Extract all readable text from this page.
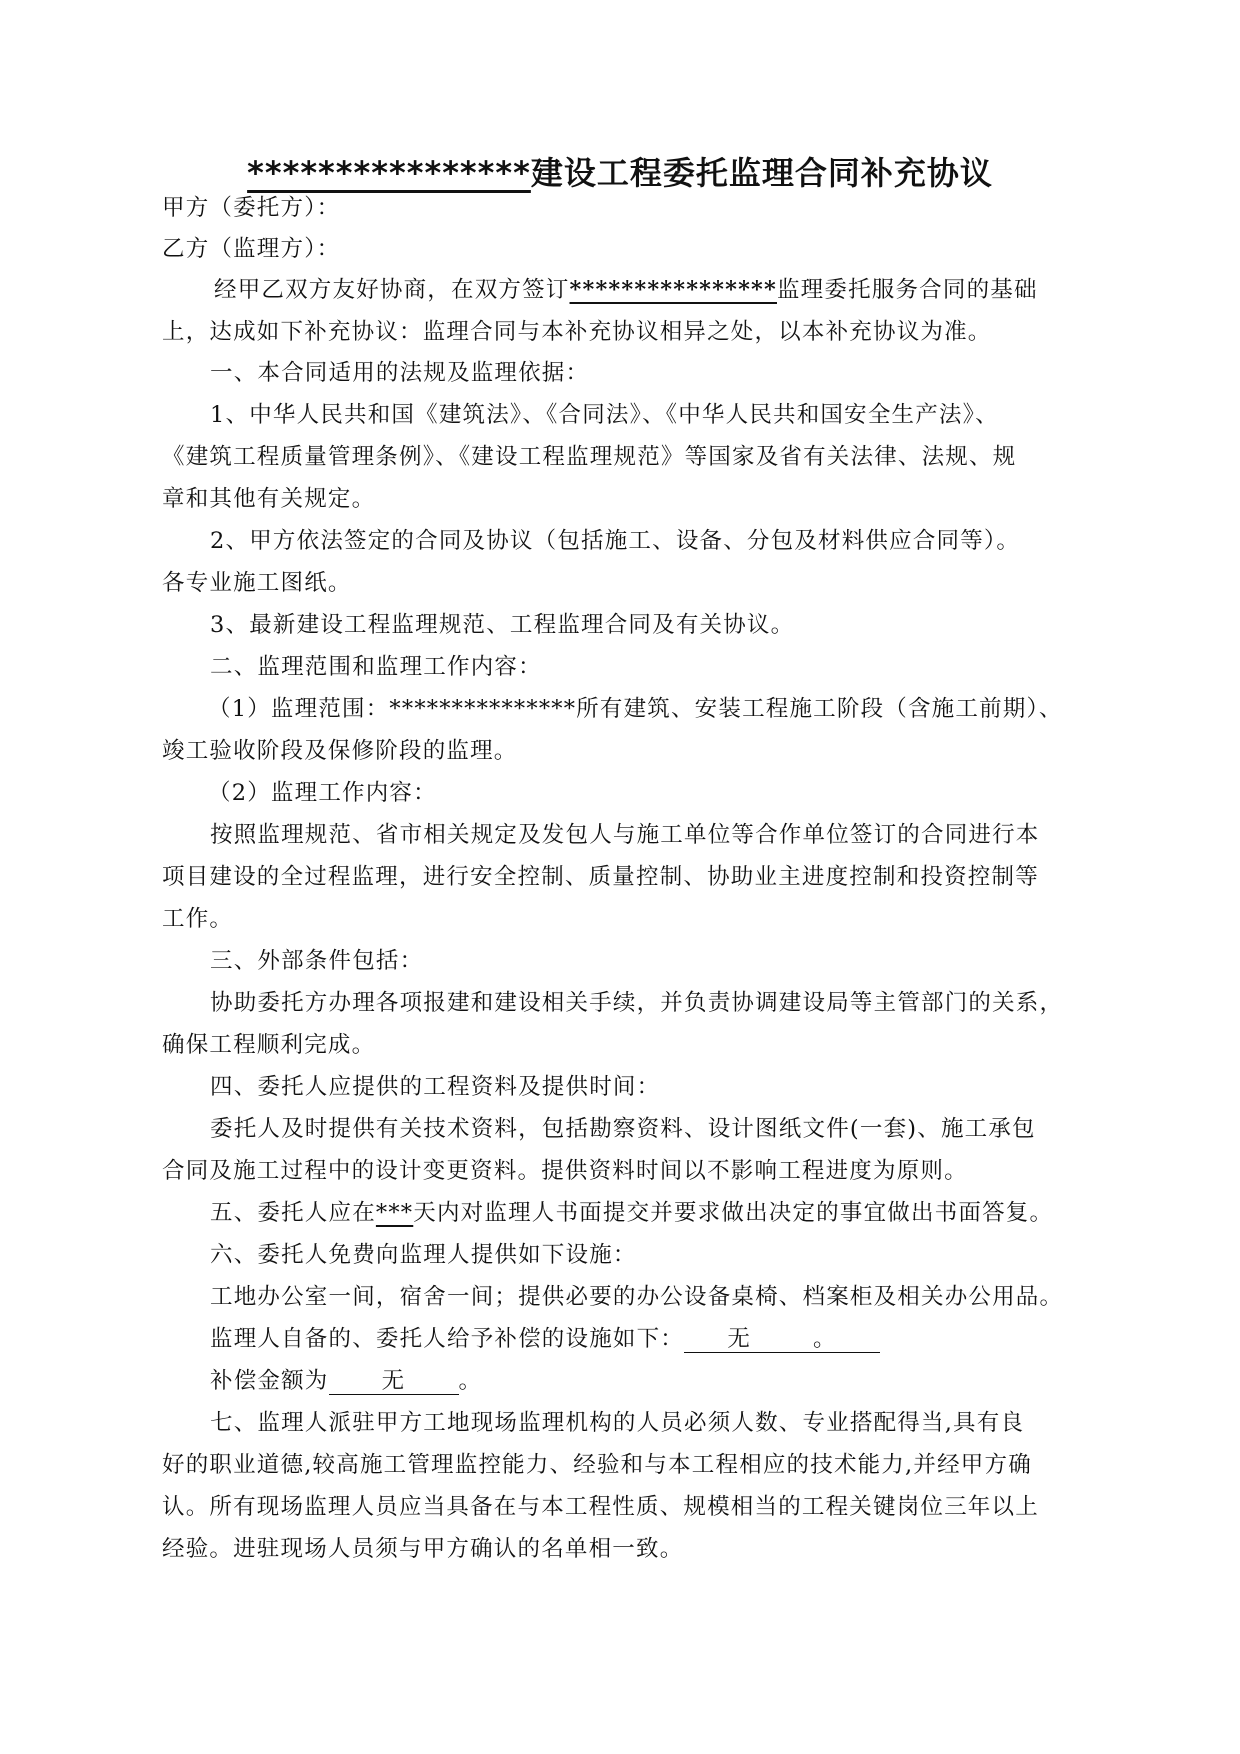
****************建设工程委托监理合同补充协议
甲方（委托方）：
乙方（监理方）：
经甲乙双方友好协商，在双方签订****************监理委托服务合同的基础
上，达成如下补充协议：监理合同与本补充协议相异之处，以本补充协议为准。
一、本合同适用的法规及监理依据：
1、中华人民共和国《建筑法》、《合同法》、《中华人民共和国安全生产法》、
《建筑工程质量管理条例》、《建设工程监理规范》等国家及省有关法律、法规、规
章和其他有关规定。
2、甲方依法签定的合同及协议（包括施工、设备、分包及材料供应合同等）。
各专业施工图纸。
3、最新建设工程监理规范、工程监理合同及有关协议。
二、监理范围和监理工作内容：
（1）监理范围：***************所有建筑、安装工程施工阶段（含施工前期）、
竣工验收阶段及保修阶段的监理。
（2）监理工作内容：
按照监理规范、省市相关规定及发包人与施工单位等合作单位签订的合同进行本
项目建设的全过程监理，进行安全控制、质量控制、协助业主进度控制和投资控制等
工作。
三、外部条件包括：
协助委托方办理各项报建和建设相关手续，并负责协调建设局等主管部门的关系，
确保工程顺利完成。
四、委托人应提供的工程资料及提供时间：
委托人及时提供有关技术资料，包括勘察资料、设计图纸文件(一套)、施工承包
合同及施工过程中的设计变更资料。提供资料时间以不影响工程进度为原则。
五、委托人应在***天内对监理人书面提交并要求做出决定的事宜做出书面答复。
六、委托人免费向监理人提供如下设施：
工地办公室一间，宿舍一间；提供必要的办公设备桌椅、档案柜及相关办公用品。
监理人自备的、委托人给予补偿的设施如下： 无	。
补偿金额为 无 。
七、监理人派驻甲方工地现场监理机构的人员必须人数、专业搭配得当,具有良
好的职业道德,较高施工管理监控能力、经验和与本工程相应的技术能力,并经甲方确
认。所有现场监理人员应当具备在与本工程性质、规模相当的工程关键岗位三年以上
经验。进驻现场人员须与甲方确认的名单相一致。
